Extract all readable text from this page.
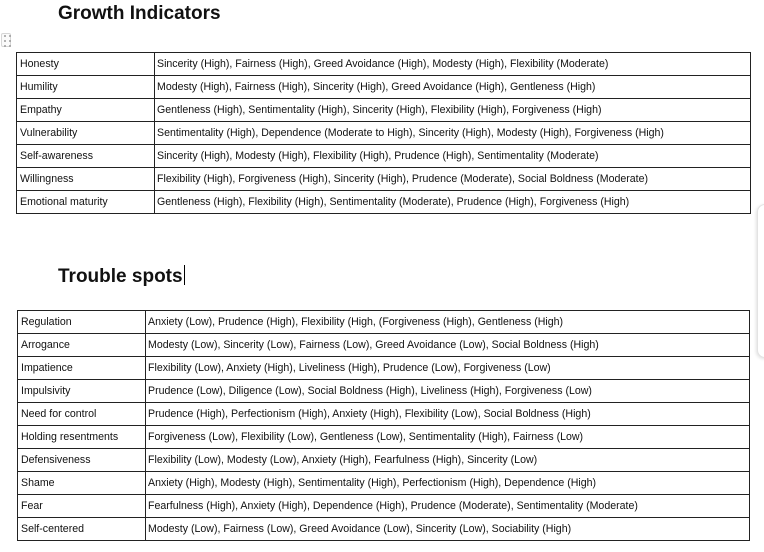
Growth Indicators
Honesty	Sincerity (High), Fairness (High), Greed Avoidance (High), Modesty (High), Flexibility (Moderate)
Humility	Modesty (High), Fairness (High), Sincerity (High), Greed Avoidance (High), Gentleness (High)
Empathy	Gentleness (High), Sentimentality (High), Sincerity (High), Flexibility (High), Forgiveness (High)
Vulnerability	Sentimentality (High), Dependence (Moderate to High), Sincerity (High), Modesty (High), Forgiveness (High)
Self-awareness	Sincerity (High), Modesty (High), Flexibility (High), Prudence (High), Sentimentality (Moderate)
Willingness	Flexibility (High), Forgiveness (High), Sincerity (High), Prudence (Moderate), Social Boldness (Moderate)
Emotional maturity	Gentleness (High), Flexibility (High), Sentimentality (Moderate), Prudence (High), Forgiveness (High)
Trouble spots
Regulation	Anxiety (Low), Prudence (High), Flexibility (High, (Forgiveness (High), Gentleness (High)
Arrogance	Modesty (Low), Sincerity (Low), Fairness (Low), Greed Avoidance (Low), Social Boldness (High)
Impatience	Flexibility (Low), Anxiety (High), Liveliness (High), Prudence (Low), Forgiveness (Low)
Impulsivity	Prudence (Low), Diligence (Low), Social Boldness (High), Liveliness (High), Forgiveness (Low)
Need for control	Prudence (High), Perfectionism (High), Anxiety (High), Flexibility (Low), Social Boldness (High)
Holding resentments	Forgiveness (Low), Flexibility (Low), Gentleness (Low), Sentimentality (High), Fairness (Low)
Defensiveness	Flexibility (Low), Modesty (Low), Anxiety (High), Fearfulness (High), Sincerity (Low)
Shame	Anxiety (High), Modesty (High), Sentimentality (High), Perfectionism (High), Dependence (High)
Fear	Fearfulness (High), Anxiety (High), Dependence (High), Prudence (Moderate), Sentimentality (Moderate)
Self-centered	Modesty (Low), Fairness (Low), Greed Avoidance (Low), Sincerity (Low), Sociability (High)
